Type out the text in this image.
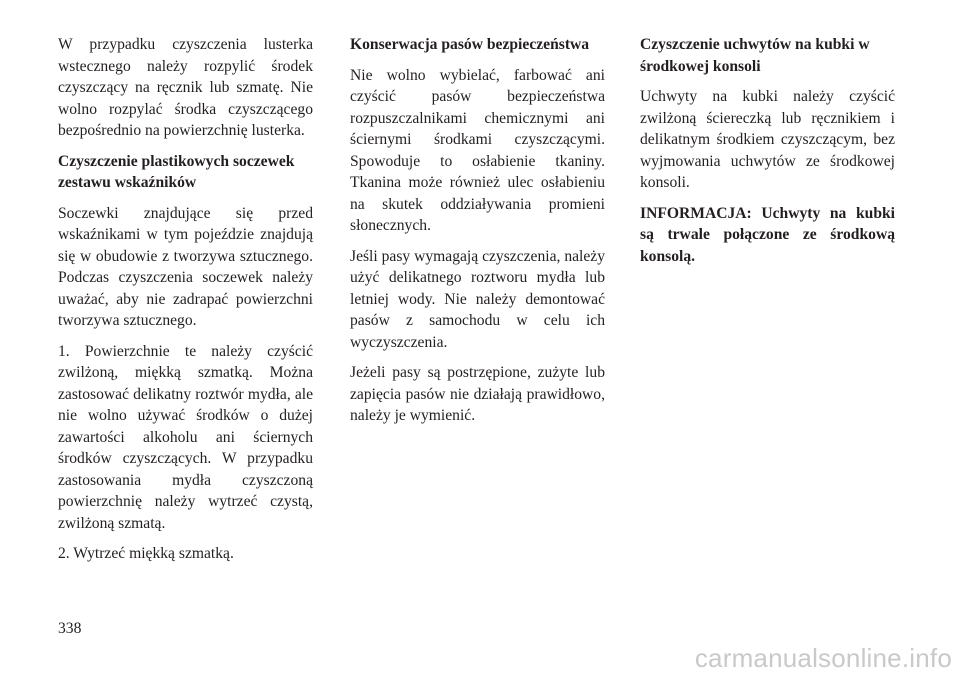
W przypadku czyszczenia lusterka wstecznego należy rozpylić środek czyszczący na ręcznik lub szmatę. Nie wolno rozpylać środka czyszczącego bezpośrednio na powierzchnię lusterka.

Czyszczenie plastikowych soczewek zestawu wskaźników

Soczewki znajdujące się przed wskaźnikami w tym pojeździe znajdują się w obudowie z tworzywa sztucznego. Podczas czyszczenia soczewek należy uważać, aby nie zadrapać powierzchni tworzywa sztucznego.

1. Powierzchnie te należy czyścić zwilżoną, miękką szmatką. Można zastosować delikatny roztwór mydła, ale nie wolno używać środków o dużej zawartości alkoholu ani ściernych środków czyszczących. W przypadku zastosowania mydła czyszczoną powierzchnię należy wytrzeć czystą, zwilżoną szmatą.

2. Wytrzeć miękką szmatką.

Konserwacja pasów bezpieczeństwa

Nie wolno wybielać, farbować ani czyścić pasów bezpieczeństwa rozpuszczalnikami chemicznymi ani ściernymi środkami czyszczącymi. Spowoduje to osłabienie tkaniny. Tkanina może również ulec osłabieniu na skutek oddziaływania promieni słonecznych.

Jeśli pasy wymagają czyszczenia, należy użyć delikatnego roztworu mydła lub letniej wody. Nie należy demontować pasów z samochodu w celu ich wyczyszczenia.

Jeżeli pasy są postrzępione, zużyte lub zapięcia pasów nie działają prawidłowo, należy je wymienić.

Czyszczenie uchwytów na kubki w środkowej konsoli

Uchwyty na kubki należy czyścić zwilżoną ściereczką lub ręcznikiem i delikatnym środkiem czyszczącym, bez wyjmowania uchwytów ze środkowej konsoli.

INFORMACJA: Uchwyty na kubki są trwale połączone ze środkową konsolą.

338
carmanualsonline.info
